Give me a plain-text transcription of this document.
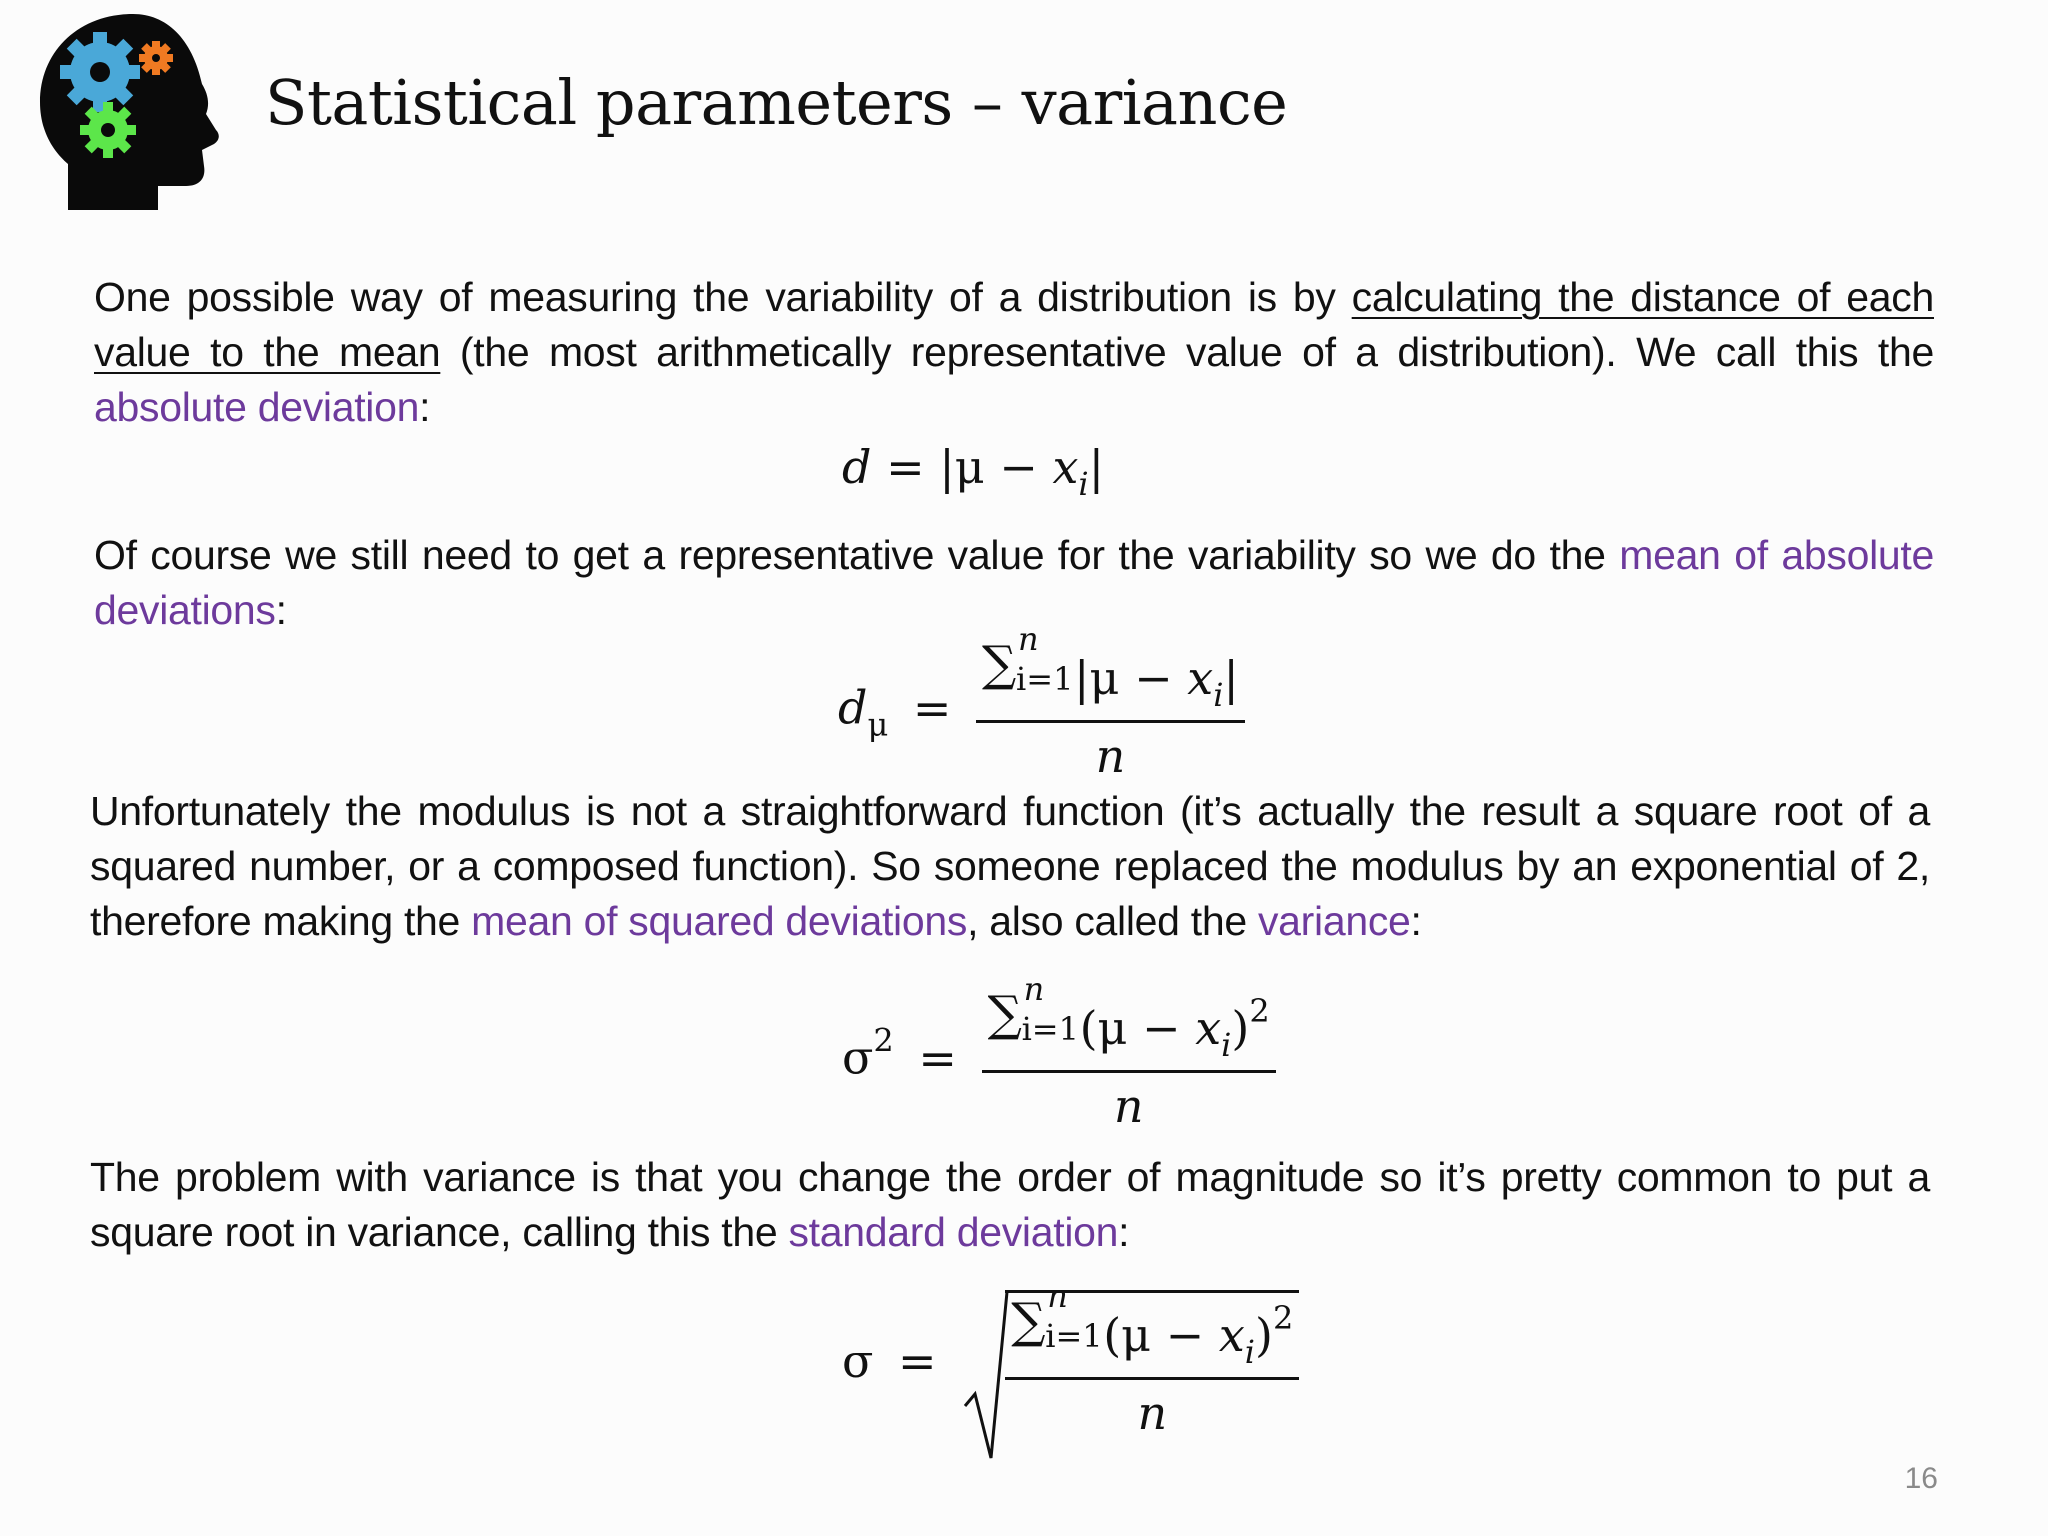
Statistical parameters – variance
One possible way of measuring the variability of a distribution is by calculating the distance of each value to the mean (the most arithmetically representative value of a distribution). We call this the absolute deviation:
$d = |\mu - x_i|$
Of course we still need to get a representative value for the variability so we do the mean of absolute deviations:
$d_\mu$ = ∑ n
i=1 $|\mu - x_i|$
n
Unfortunately the modulus is not a straightforward function (it’s actually the result a square root of a squared number, or a composed function). So someone replaced the modulus by an exponential of 2, therefore making the mean of squared deviations, also called the variance:
$\sigma^2$ = ∑ n
i=1 $(\mu - x_i)^2$
n
The problem with variance is that you change the order of magnitude so it’s pretty common to put a square root in variance, calling this the standard deviation:
σ = ∑ n
i=1 $(\mu - x_i)^2$
n
16
